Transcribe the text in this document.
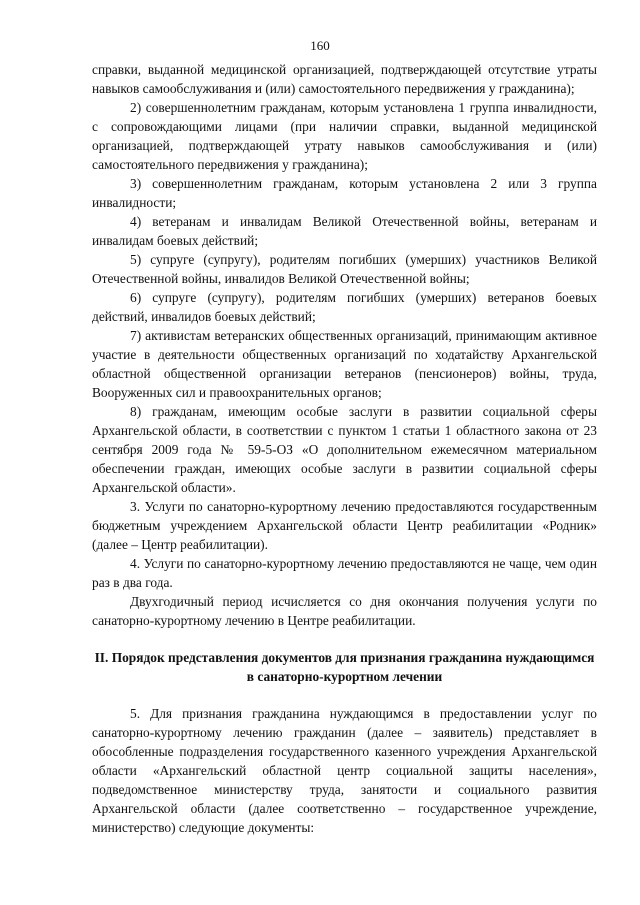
160

справки, выданной медицинской организацией, подтверждающей отсутствие утраты навыков самообслуживания и (или) самостоятельного передвижения у гражданина);

2) совершеннолетним гражданам, которым установлена 1 группа инвалидности, с сопровождающими лицами (при наличии справки, выданной медицинской организацией, подтверждающей утрату навыков самообслуживания и (или) самостоятельного передвижения у гражданина);

3) совершеннолетним гражданам, которым установлена 2 или 3 группа инвалидности;

4) ветеранам и инвалидам Великой Отечественной войны, ветеранам и инвалидам боевых действий;

5) супруге (супругу), родителям погибших (умерших) участников Великой Отечественной войны, инвалидов Великой Отечественной войны;

6) супруге (супругу), родителям погибших (умерших) ветеранов боевых действий, инвалидов боевых действий;

7) активистам ветеранских общественных организаций, принимающим активное участие в деятельности общественных организаций по ходатайству Архангельской областной общественной организации ветеранов (пенсионеров) войны, труда, Вооруженных сил и правоохранительных органов;

8) гражданам, имеющим особые заслуги в развитии социальной сферы Архангельской области, в соответствии с пунктом 1 статьи 1 областного закона от 23 сентября 2009 года № 59-5-ОЗ «О дополнительном ежемесячном материальном обеспечении граждан, имеющих особые заслуги в развитии социальной сферы Архангельской области».

3. Услуги по санаторно-курортному лечению предоставляются государственным бюджетным учреждением Архангельской области Центр реабилитации «Родник» (далее – Центр реабилитации).

4. Услуги по санаторно-курортному лечению предоставляются не чаще, чем один раз в два года.

Двухгодичный период исчисляется со дня окончания получения услуги по санаторно-курортному лечению в Центре реабилитации.

II. Порядок представления документов для признания гражданина нуждающимся в санаторно-курортном лечении

5. Для признания гражданина нуждающимся в предоставлении услуг по санаторно-курортному лечению гражданин (далее – заявитель) представляет в обособленные подразделения государственного казенного учреждения Архангельской области «Архангельский областной центр социальной защиты населения», подведомственное министерству труда, занятости и социального развития Архангельской области (далее соответственно – государственное учреждение, министерство) следующие документы:
